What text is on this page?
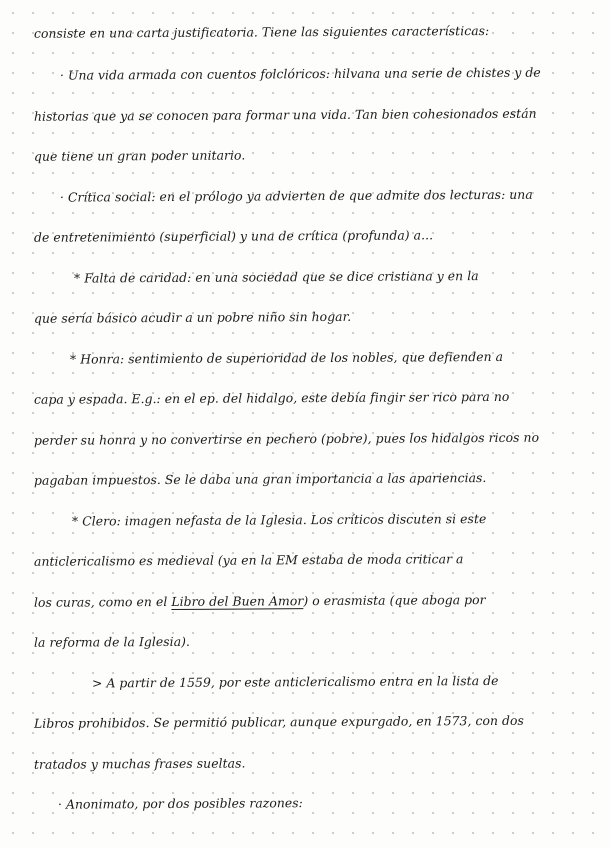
consiste en una carta justificatoria. Tiene las siguientes características:
· Una vida armada con cuentos folclóricos: hilvana una serie de chistes y de
historias que ya se conocen para formar una vida. Tan bien cohesionados están
que tiene un gran poder unitario.
· Crítica social: en el prólogo ya advierten de que admite dos lecturas: una
de entretenimiento (superficial) y una de crítica (profunda) a...
* Falta de caridad: en una sociedad que se dice cristiana y en la
que sería básico acudir a un pobre niño sin hogar.
* Honra: sentimiento de superioridad de los nobles, que defienden a
capa y espada. E.g.: en el ep. del hidalgo, este debía fingir ser rico para no
perder su honra y no convertirse en pechero (pobre), pues los hidalgos ricos no
pagaban impuestos. Se le daba una gran importancia a las apariencias.
* Clero: imagen nefasta de la Iglesia. Los críticos discuten si este
anticlericalismo es medieval (ya en la EM estaba de moda criticar a
los curas, como en el Libro del Buen Amor) o erasmista (que aboga por
la reforma de la Iglesia).
> A partir de 1559, por este anticlericalismo entra en la lista de
Libros prohibidos. Se permitió publicar, aunque expurgado, en 1573, con dos
tratados y muchas frases sueltas.
· Anonimato, por dos posibles razones:
